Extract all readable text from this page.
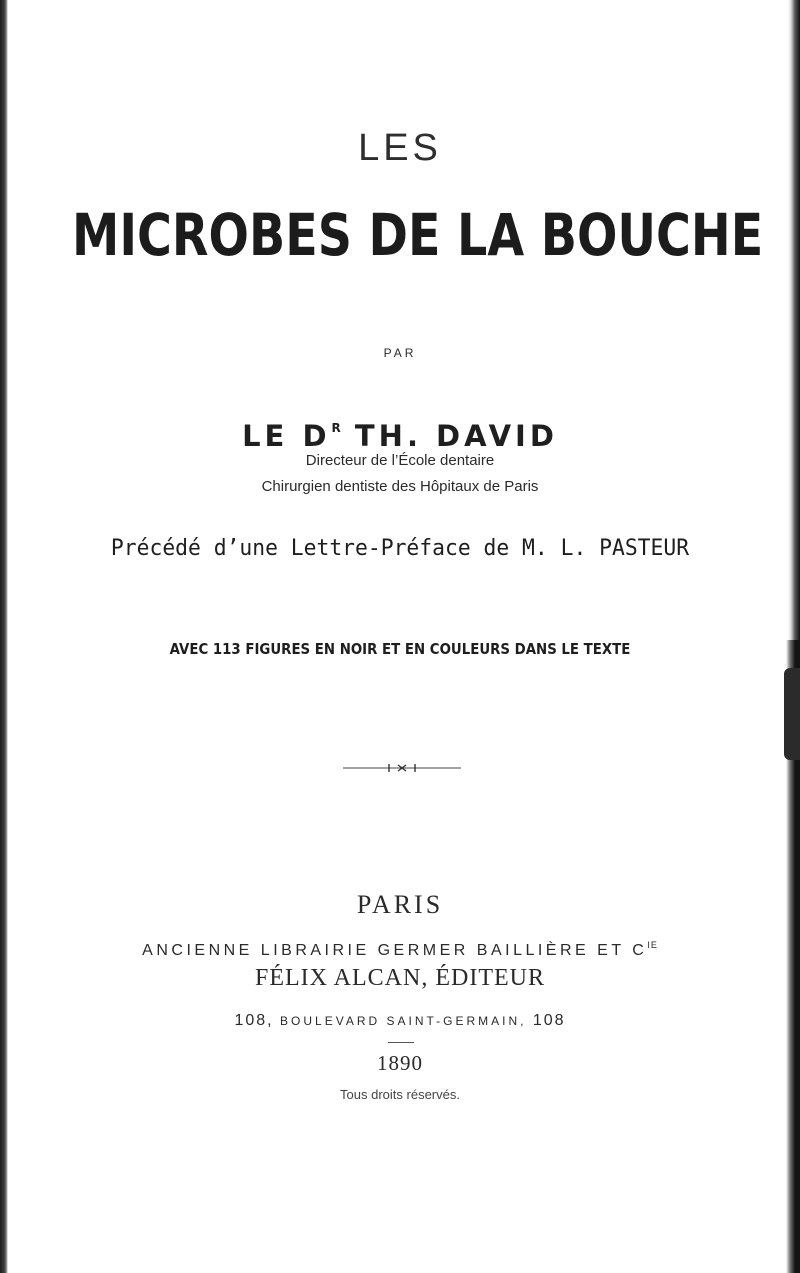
LES
MICROBES DE LA BOUCHE
PAR
LE $D^R$ TH. DAVID
Directeur de l’École dentaire
Chirurgien dentiste des Hôpitaux de Paris
Précédé d’une Lettre-Préface de M. L. PASTEUR
AVEC 113 FIGURES EN NOIR ET EN COULEURS DANS LE TEXTE
PARIS
ANCIENNE LIBRAIRIE GERMER BAILLIÈRE ET $C^{IE}$
FÉLIX ALCAN, ÉDITEUR
108, BOULEVARD SAINT-GERMAIN, 108
1890
Tous droits réservés.
